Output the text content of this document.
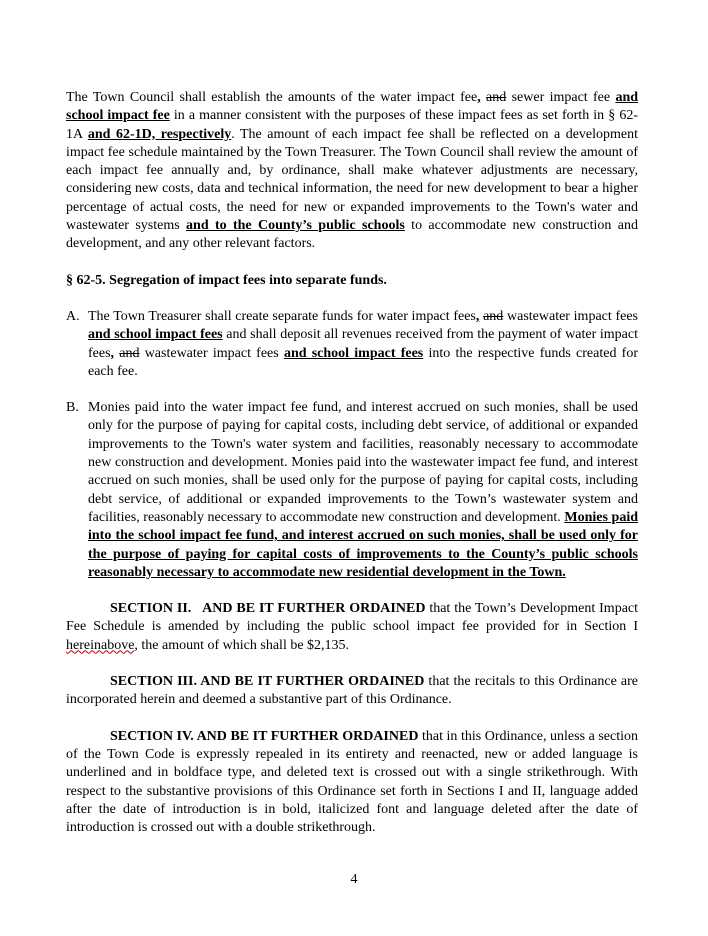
The Town Council shall establish the amounts of the water impact fee, and sewer impact fee and school impact fee in a manner consistent with the purposes of these impact fees as set forth in § 62-1A and 62-1D, respectively. The amount of each impact fee shall be reflected on a development impact fee schedule maintained by the Town Treasurer. The Town Council shall review the amount of each impact fee annually and, by ordinance, shall make whatever adjustments are necessary, considering new costs, data and technical information, the need for new development to bear a higher percentage of actual costs, the need for new or expanded improvements to the Town's water and wastewater systems and to the County’s public schools to accommodate new construction and development, and any other relevant factors.

§ 62-5. Segregation of impact fees into separate funds.

A. The Town Treasurer shall create separate funds for water impact fees, and wastewater impact fees and school impact fees and shall deposit all revenues received from the payment of water impact fees, and wastewater impact fees and school impact fees into the respective funds created for each fee.
B. Monies paid into the water impact fee fund, and interest accrued on such monies, shall be used only for the purpose of paying for capital costs, including debt service, of additional or expanded improvements to the Town's water system and facilities, reasonably necessary to accommodate new construction and development. Monies paid into the wastewater impact fee fund, and interest accrued on such monies, shall be used only for the purpose of paying for capital costs, including debt service, of additional or expanded improvements to the Town’s wastewater system and facilities, reasonably necessary to accommodate new construction and development. Monies paid into the school impact fee fund, and interest accrued on such monies, shall be used only for the purpose of paying for capital costs of improvements to the County’s public schools reasonably necessary to accommodate new residential development in the Town.

SECTION II.   AND BE IT FURTHER ORDAINED that the Town’s Development Impact Fee Schedule is amended by including the public school impact fee provided for in Section I hereinabove, the amount of which shall be $2,135.

SECTION III. AND BE IT FURTHER ORDAINED that the recitals to this Ordinance are incorporated herein and deemed a substantive part of this Ordinance.

SECTION IV. AND BE IT FURTHER ORDAINED that in this Ordinance, unless a section of the Town Code is expressly repealed in its entirety and reenacted, new or added language is underlined and in boldface type, and deleted text is crossed out with a single strikethrough. With respect to the substantive provisions of this Ordinance set forth in Sections I and II, language added after the date of introduction is in bold, italicized font and language deleted after the date of introduction is crossed out with a double strikethrough.

4
